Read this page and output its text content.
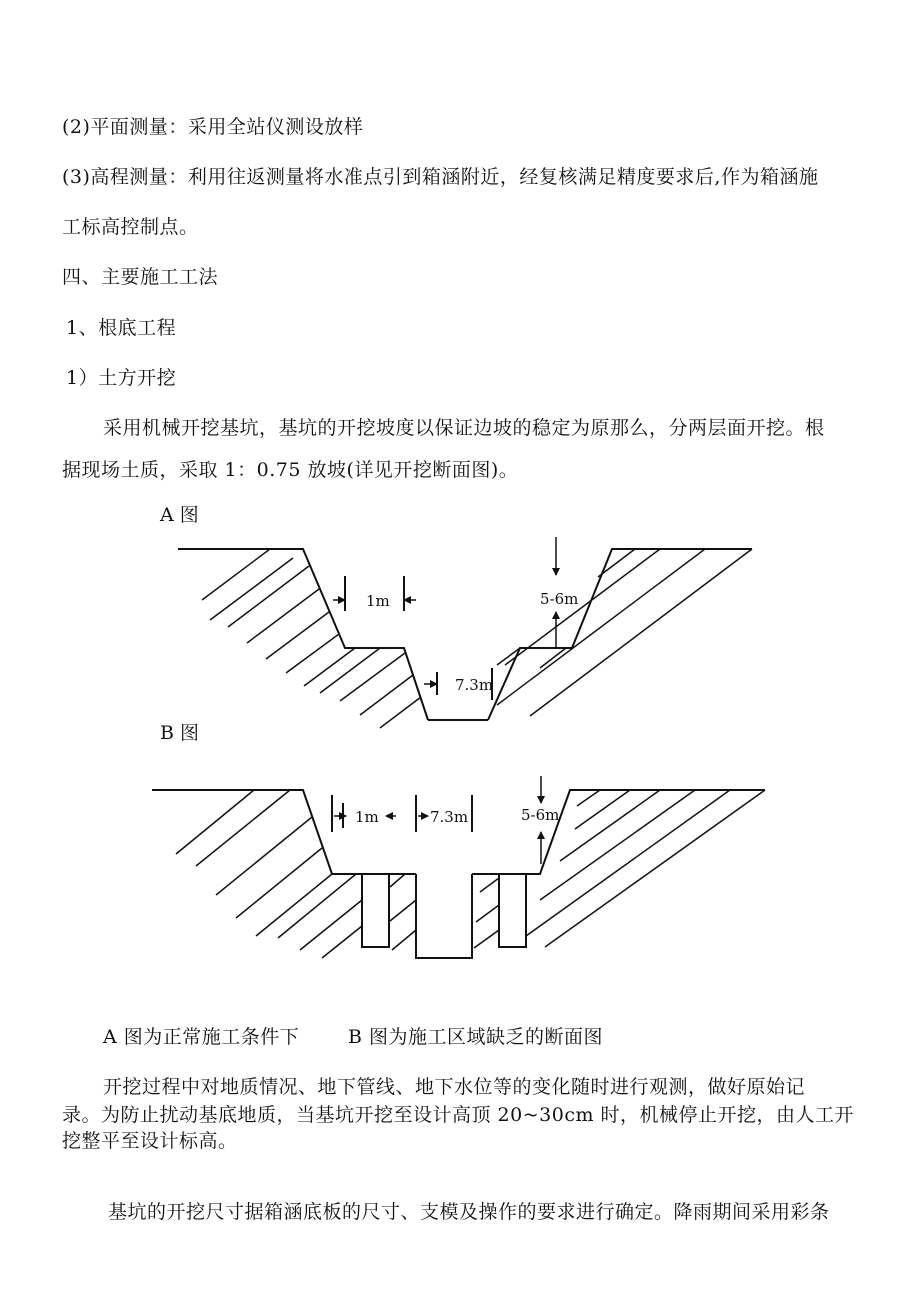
(2)平面测量：采用全站仪测设放样
(3)高程测量：利用往返测量将水准点引到箱涵附近，经复核满足精度要求后,作为箱涵施
工标高控制点。
四、主要施工工法
1、根底工程
1）土方开挖
采用机械开挖基坑，基坑的开挖坡度以保证边坡的稳定为原那么，分两层面开挖。根
据现场土质，采取 1：0.75 放坡(详见开挖断面图)。
A 图
B 图
1m
7.3m
5-6m
1m	7.3m	5-6m
A 图为正常施工条件下	B 图为施工区域缺乏的断面图
开挖过程中对地质情况、地下管线、地下水位等的变化随时进行观测，做好原始记
录。为防止扰动基底地质，当基坑开挖至设计高顶 20~30cm 时，机械停止开挖，由人工开
挖整平至设计标高。
基坑的开挖尺寸据箱涵底板的尺寸、支模及操作的要求进行确定。降雨期间采用彩条
